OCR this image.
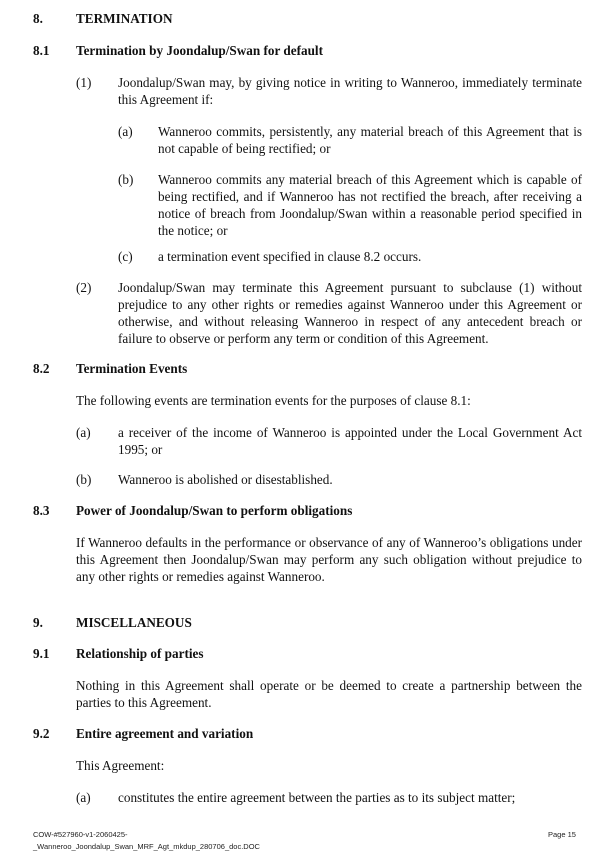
8.	TERMINATION
8.1 Termination by Joondalup/Swan for default
(1) Joondalup/Swan may, by giving notice in writing to Wanneroo, immediately terminate this Agreement if:

(a) Wanneroo commits, persistently, any material breach of this Agreement that is not capable of being rectified; or

(b) Wanneroo commits any material breach of this Agreement which is capable of being rectified, and if Wanneroo has not rectified the breach, after receiving a notice of breach from Joondalup/Swan within a reasonable period specified in the notice; or

(c) a termination event specified in clause 8.2 occurs.

(2) Joondalup/Swan may terminate this Agreement pursuant to subclause (1) without prejudice to any other rights or remedies against Wanneroo under this Agreement or otherwise, and without releasing Wanneroo in respect of any antecedent breach or failure to observe or perform any term or condition of this Agreement.

8.2 Termination Events

The following events are termination events for the purposes of clause 8.1:

(a) a receiver of the income of Wanneroo is appointed under the Local Government Act 1995; or

(b) Wanneroo is abolished or disestablished.

8.3 Power of Joondalup/Swan to perform obligations

If Wanneroo defaults in the performance or observance of any of Wanneroo’s obligations under this Agreement then Joondalup/Swan may perform any such obligation without prejudice to any other rights or remedies against Wanneroo.

9.	MISCELLANEOUS
9.1 Relationship of parties

Nothing in this Agreement shall operate or be deemed to create a partnership between the parties to this Agreement.

9.2 Entire agreement and variation

This Agreement:

(a) constitutes the entire agreement between the parties as to its subject matter;

COW-#527960-v1-2060425-
_Wanneroo_Joondalup_Swan_MRF_Agt_mkdup_280706_doc.DOC
Page 15
